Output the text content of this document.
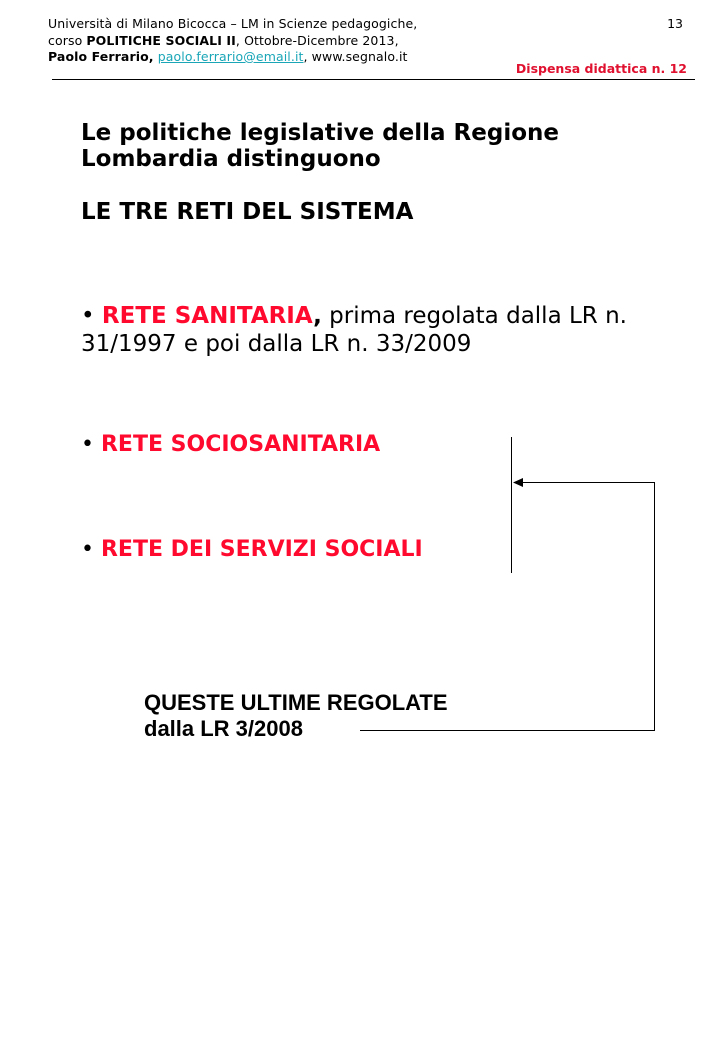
Università di Milano Bicocca – LM in Scienze pedagogiche,
corso POLITICHE SOCIALI II, Ottobre-Dicembre 2013,
Paolo Ferrario, paolo.ferrario@email.it, www.segnalo.it
13
Dispensa didattica n. 12
Le politiche legislative della Regione
Lombardia distinguono
LE TRE RETI DEL SISTEMA
• RETE SANITARIA, prima regolata dalla LR n. 31/1997 e poi dalla LR n. 33/2009
• RETE SOCIOSANITARIA
• RETE DEI SERVIZI SOCIALI
QUESTE ULTIME REGOLATE
dalla LR 3/2008
